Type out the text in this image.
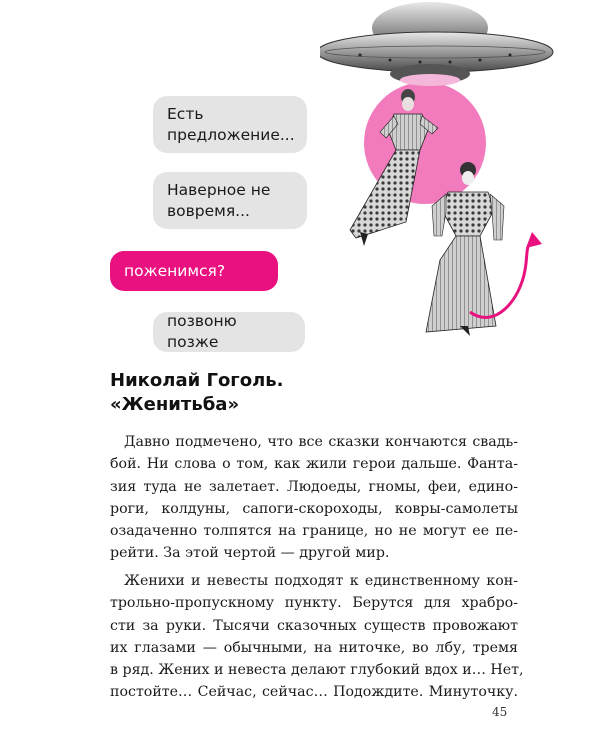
Есть
предложение...
Наверное не
вовремя...
поженимся?
позвоню позже
Николай Гоголь.
«Женитьба»

Давно подмечено, что все сказки кончаются свадь-
бой. Ни слова о том, как жили герои дальше. Фанта-
зия туда не залетает. Людоеды, гномы, феи, едино-
роги, колдуны, сапоги-скороходы, ковры-самолеты
озадаченно толпятся на границе, но не могут ее пе-
рейти. За этой чертой — другой мир.

Женихи и невесты подходят к единственному кон-
трольно-пропускному пункту. Берутся для храбро-
сти за руки. Тысячи сказочных существ провожают
их глазами — обычными, на ниточке, во лбу, тремя
в ряд. Жених и невеста делают глубокий вдох и… Нет,
постойте… Сейчас, сейчас… Подождите. Минуточку.

45
